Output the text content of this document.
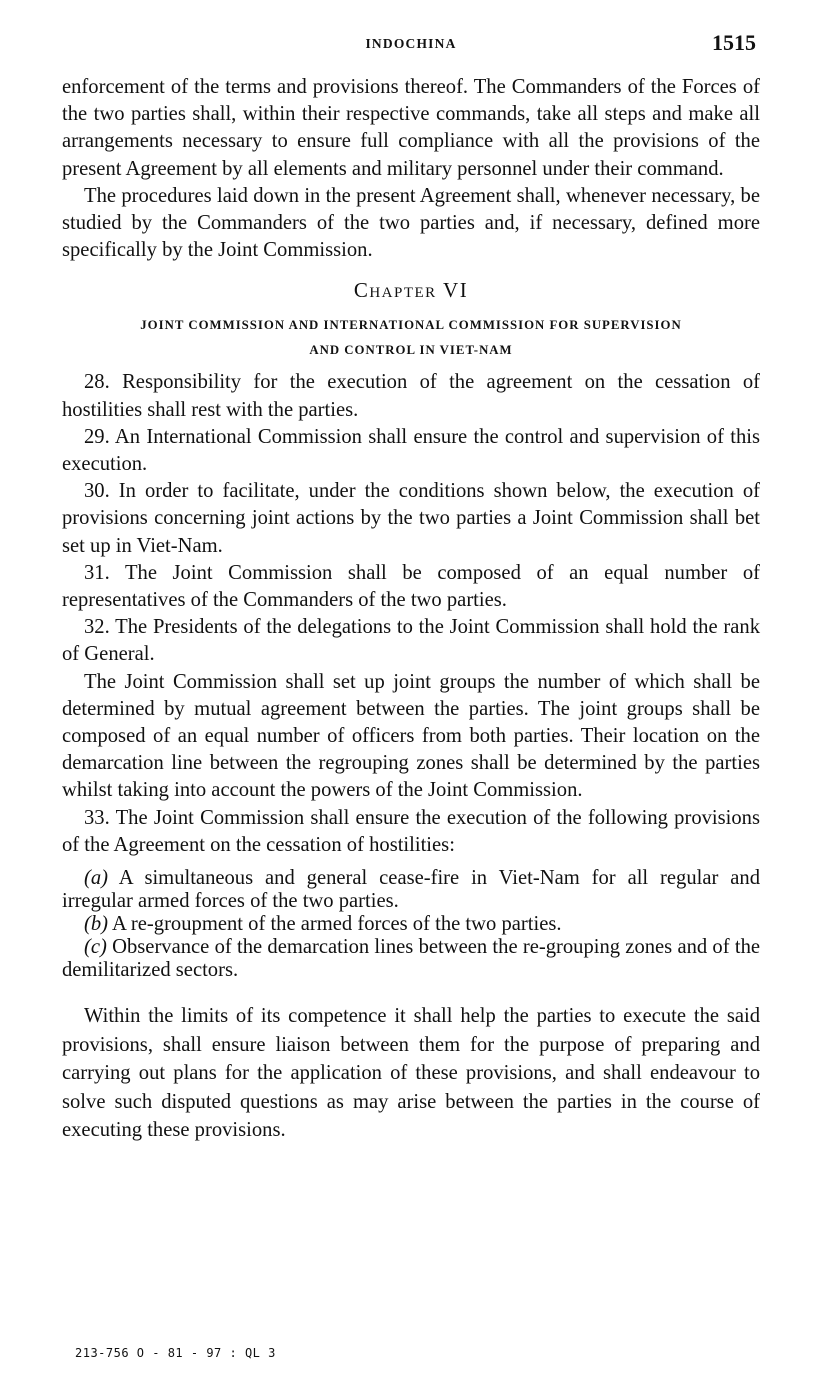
INDOCHINA	1515

enforcement of the terms and provisions thereof. The Commanders of the Forces of the two parties shall, within their respective commands, take all steps and make all arrangements necessary to ensure full compliance with all the provisions of the present Agreement by all elements and military personnel under their command.

The procedures laid down in the present Agreement shall, whenever necessary, be studied by the Commanders of the two parties and, if necessary, defined more specifically by the Joint Commission.

Chapter VI
JOINT COMMISSION AND INTERNATIONAL COMMISSION FOR SUPERVISION
AND CONTROL IN VIET-NAM

28. Responsibility for the execution of the agreement on the cessation of hostilities shall rest with the parties.

29. An International Commission shall ensure the control and supervision of this execution.

30. In order to facilitate, under the conditions shown below, the execution of provisions concerning joint actions by the two parties a Joint Commission shall bet set up in Viet-Nam.

31. The Joint Commission shall be composed of an equal number of representatives of the Commanders of the two parties.

32. The Presidents of the delegations to the Joint Commission shall hold the rank of General.

The Joint Commission shall set up joint groups the number of which shall be determined by mutual agreement between the parties. The joint groups shall be composed of an equal number of officers from both parties. Their location on the demarcation line between the regrouping zones shall be determined by the parties whilst taking into account the powers of the Joint Commission.

33. The Joint Commission shall ensure the execution of the following provisions of the Agreement on the cessation of hostilities:

(a) A simultaneous and general cease-fire in Viet-Nam for all regular and irregular armed forces of the two parties.

(b) A re-groupment of the armed forces of the two parties.

(c) Observance of the demarcation lines between the re-grouping zones and of the demilitarized sectors.

Within the limits of its competence it shall help the parties to execute the said provisions, shall ensure liaison between them for the purpose of preparing and carrying out plans for the application of these provisions, and shall endeavour to solve such disputed questions as may arise between the parties in the course of executing these provisions.

213-756 O - 81 - 97 : QL 3
